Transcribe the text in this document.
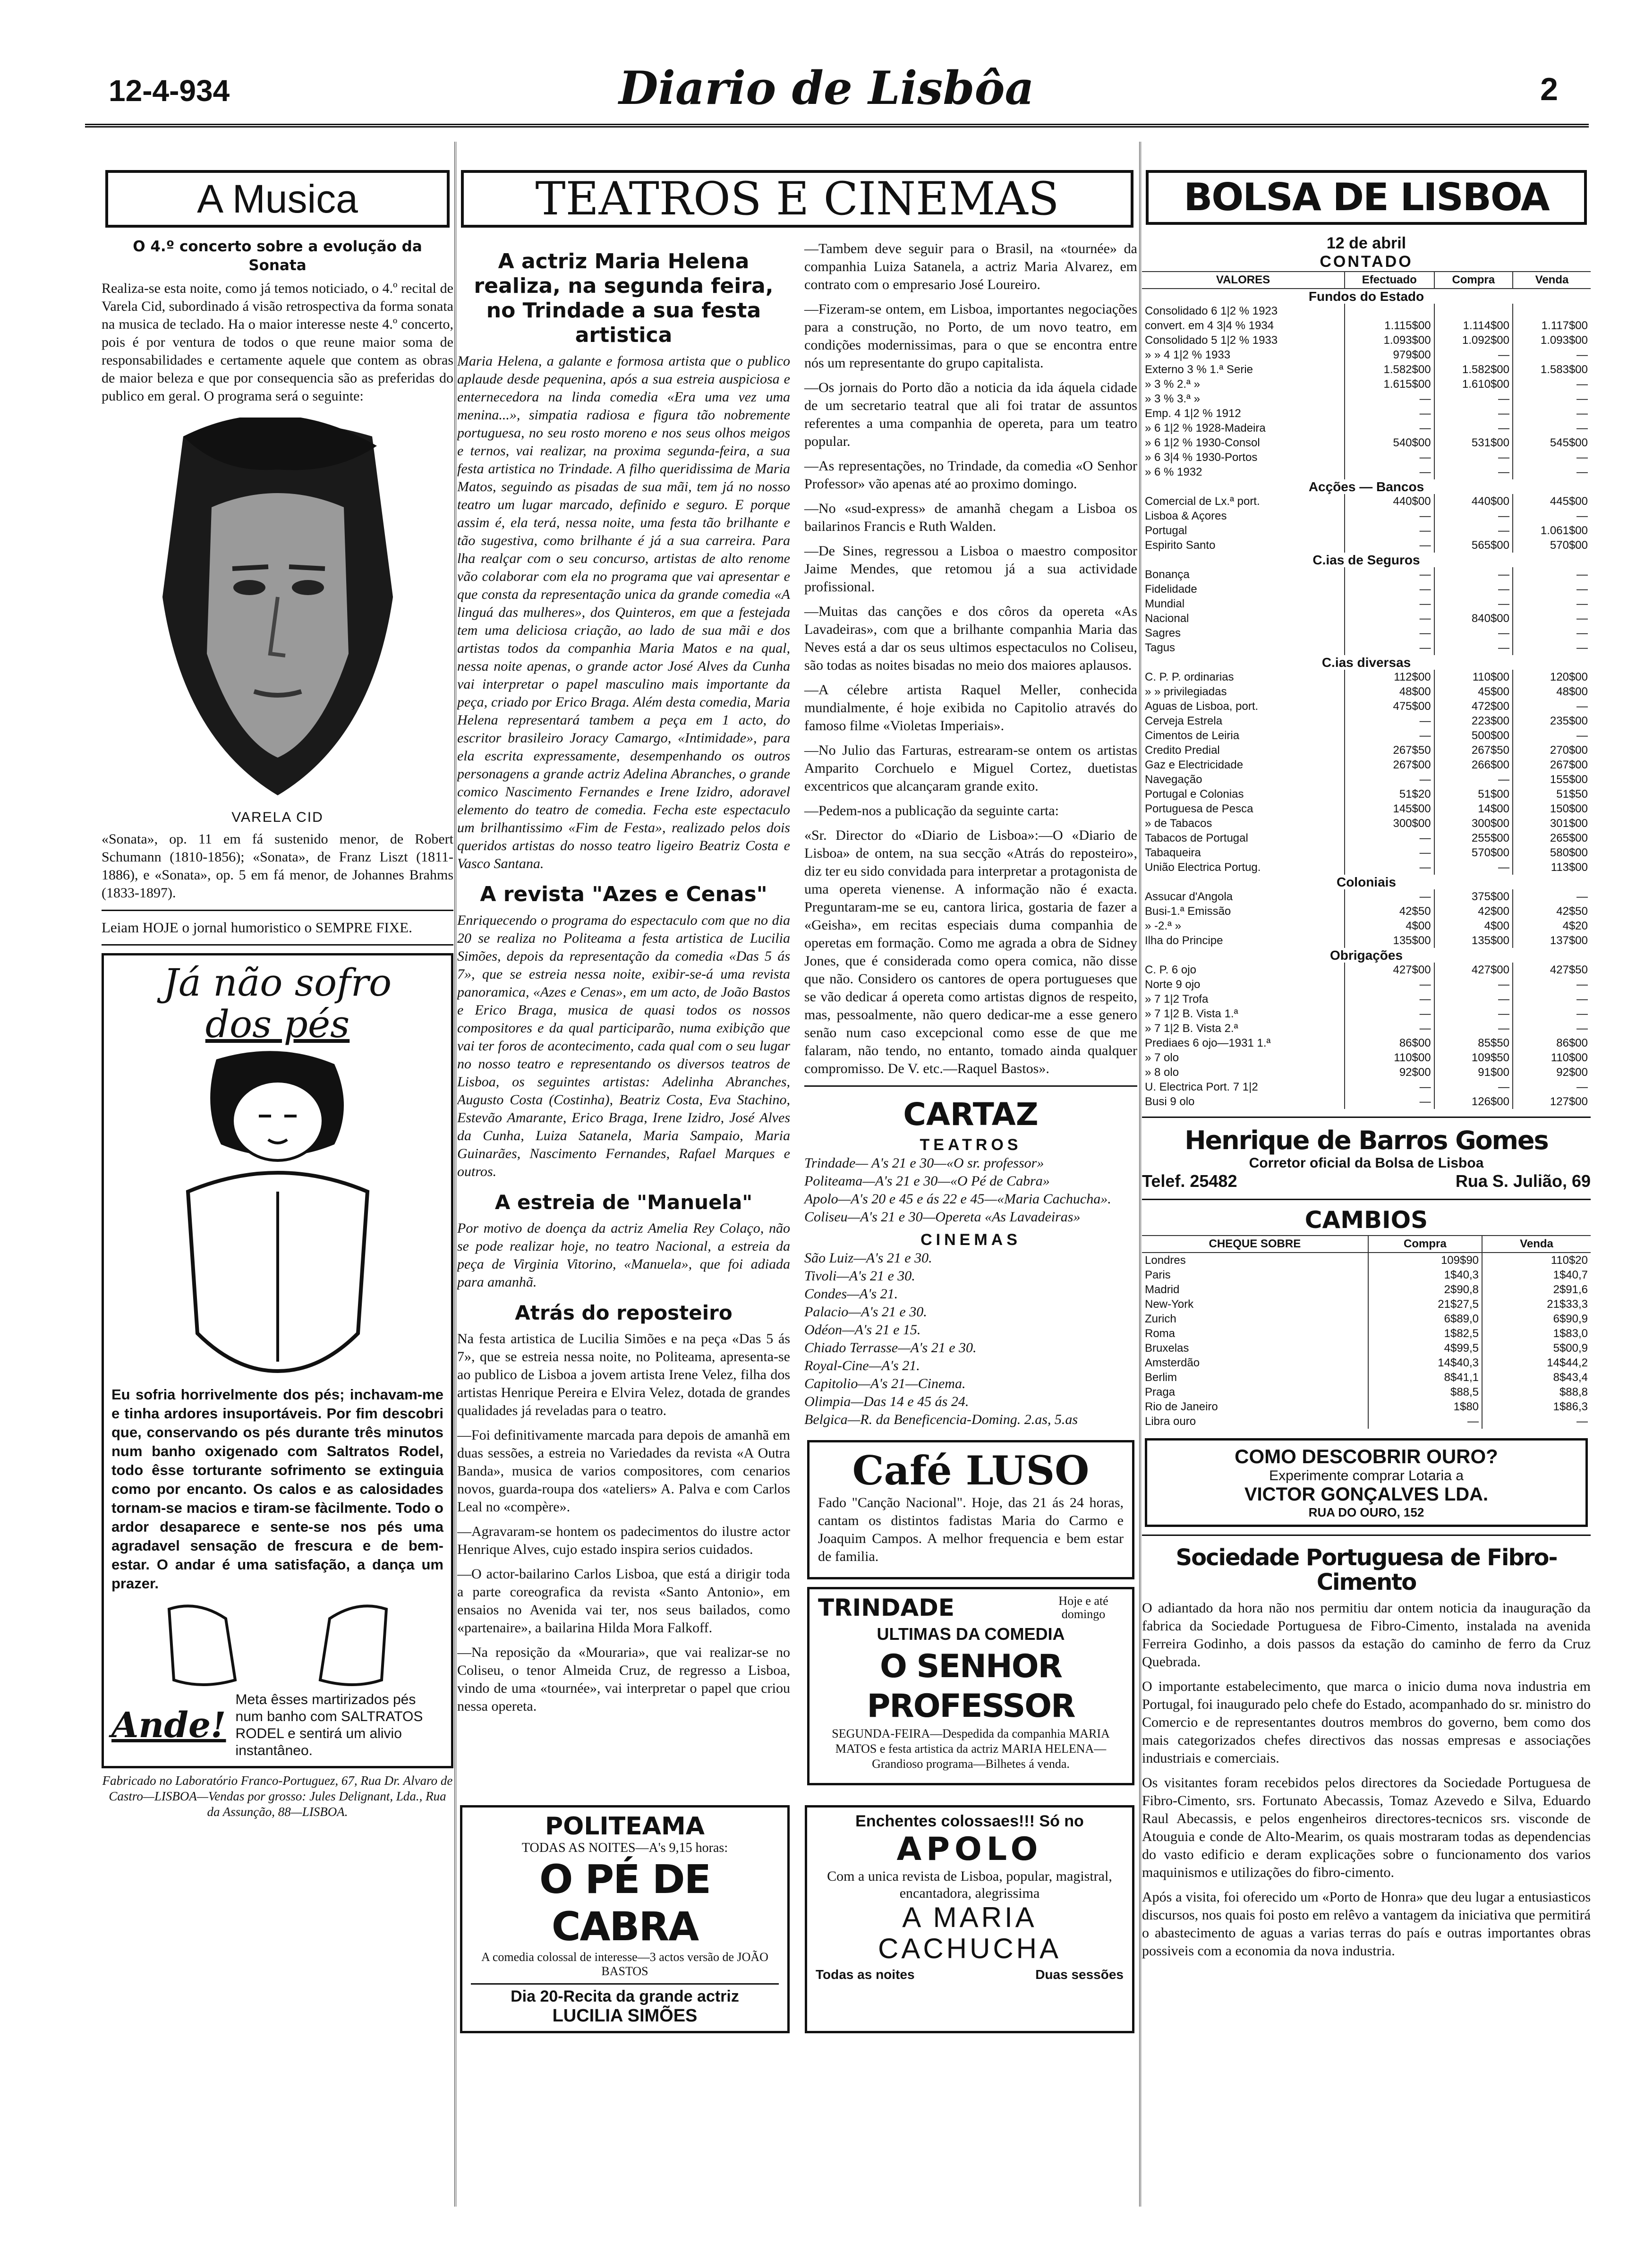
12-4-934	Diario de Lisbôa	2
A Musica
O 4.º concerto sobre a evolução da Sonata

Realiza-se esta noite, como já temos noticiado, o 4.º recital de Varela Cid, subordinado á visão retrospectiva da forma sonata na musica de teclado. Ha o maior interesse neste 4.º concerto, pois é por ventura de todos o que reune maior soma de responsabilidades e certamente aquele que contem as obras de maior beleza e que por consequencia são as preferidas do publico em geral. O programa será o seguinte:

VARELA CID

«Sonata», op. 11 em fá sustenido menor, de Robert Schumann (1810-1856); «Sonata», de Franz Liszt (1811-1886), e «Sonata», op. 5 em fá menor, de Johannes Brahms (1833-1897).

Leiam HOJE o jornal humoristico o SEMPRE FIXE.

Já não sofro
dos pés

Eu sofria horrivelmente dos pés; inchavam-me e tinha ardores insuportáveis. Por fim descobri que, conservando os pés durante três minutos num banho oxigenado com Saltratos Rodel, todo êsse torturante sofrimento se extinguia como por encanto. Os calos e as calosidades tornam-se macios e tiram-se fàcilmente. Todo o ardor desaparece e sente-se nos pés uma agradavel sensação de frescura e de bem-estar. O andar é uma satisfação, a dança um prazer.

Ande!
Meta êsses martirizados pés num banho com SALTRATOS RODEL e sentirá um alivio instantâneo.

Fabricado no Laboratório Franco-Portuguez, 67, Rua Dr. Alvaro de Castro—LISBOA—Vendas por grosso: Jules Delignant, Lda., Rua da Assunção, 88—LISBOA.

TEATROS E CINEMAS
A actriz Maria Helena realiza, na segunda feira, no Trindade a sua festa artistica

Maria Helena, a galante e formosa artista que o publico aplaude desde pequenina, após a sua estreia auspiciosa e enternecedora na linda comedia «Era uma vez uma menina...», simpatia radiosa e figura tão nobremente portuguesa, no seu rosto moreno e nos seus olhos meigos e ternos, vai realizar, na proxima segunda-feira, a sua festa artistica no Trindade. A filho queridissima de Maria Matos, seguindo as pisadas de sua mãi, tem já no nosso teatro um lugar marcado, definido e seguro. E porque assim é, ela terá, nessa noite, uma festa tão brilhante e tão sugestiva, como brilhante é já a sua carreira. Para lha realçar com o seu concurso, artistas de alto renome vão colaborar com ela no programa que vai apresentar e que consta da representação unica da grande comedia «A linguá das mulheres», dos Quinteros, em que a festejada tem uma deliciosa criação, ao lado de sua mãi e dos artistas todos da companhia Maria Matos e na qual, nessa noite apenas, o grande actor José Alves da Cunha vai interpretar o papel masculino mais importante da peça, criado por Erico Braga. Além desta comedia, Maria Helena representará tambem a peça em 1 acto, do escritor brasileiro Joracy Camargo, «Intimidade», para ela escrita expressamente, desempenhando os outros personagens a grande actriz Adelina Abranches, o grande comico Nascimento Fernandes e Irene Izidro, adoravel elemento do teatro de comedia. Fecha este espectaculo um brilhantissimo «Fim de Festa», realizado pelos dois queridos artistas do nosso teatro ligeiro Beatriz Costa e Vasco Santana.

A revista "Azes e Cenas"

Enriquecendo o programa do espectaculo com que no dia 20 se realiza no Politeama a festa artistica de Lucilia Simões, depois da representação da comedia «Das 5 ás 7», que se estreia nessa noite, exibir-se-á uma revista panoramica, «Azes e Cenas», em um acto, de João Bastos e Erico Braga, musica de quasi todos os nossos compositores e da qual participarão, numa exibição que vai ter foros de acontecimento, cada qual com o seu lugar no nosso teatro e representando os diversos teatros de Lisboa, os seguintes artistas: Adelinha Abranches, Augusto Costa (Costinha), Beatriz Costa, Eva Stachino, Estevão Amarante, Erico Braga, Irene Izidro, José Alves da Cunha, Luiza Satanela, Maria Sampaio, Maria Guinarães, Nascimento Fernandes, Rafael Marques e outros.

A estreia de "Manuela"

Por motivo de doença da actriz Amelia Rey Colaço, não se pode realizar hoje, no teatro Nacional, a estreia da peça de Virginia Vitorino, «Manuela», que foi adiada para amanhã.

Atrás do reposteiro

Na festa artistica de Lucilia Simões e na peça «Das 5 ás 7», que se estreia nessa noite, no Politeama, apresenta-se ao publico de Lisboa a jovem artista Irene Velez, filha dos artistas Henrique Pereira e Elvira Velez, dotada de grandes qualidades já reveladas para o teatro.

—Foi definitivamente marcada para depois de amanhã em duas sessões, a estreia no Variedades da revista «A Outra Banda», musica de varios compositores, com cenarios novos, guarda-roupa dos «ateliers» A. Palva e com Carlos Leal no «compère».

—Agravaram-se hontem os padecimentos do ilustre actor Henrique Alves, cujo estado inspira serios cuidados.

—O actor-bailarino Carlos Lisboa, que está a dirigir toda a parte coreografica da revista «Santo Antonio», em ensaios no Avenida vai ter, nos seus bailados, como «partenaire», a bailarina Hilda Mora Falkoff.

—Na reposição da «Mouraria», que vai realizar-se no Coliseu, o tenor Almeida Cruz, de regresso a Lisboa, vindo de uma «tournée», vai interpretar o papel que criou nessa opereta.

—Tambem deve seguir para o Brasil, na «tournée» da companhia Luiza Satanela, a actriz Maria Alvarez, em contrato com o empresario José Loureiro.

—Fizeram-se ontem, em Lisboa, importantes negociações para a construção, no Porto, de um novo teatro, em condições modernissimas, para o que se encontra entre nós um representante do grupo capitalista.

—Os jornais do Porto dão a noticia da ida áquela cidade de um secretario teatral que ali foi tratar de assuntos referentes a uma companhia de opereta, para um teatro popular.

—As representações, no Trindade, da comedia «O Senhor Professor» vão apenas até ao proximo domingo.

—No «sud-express» de amanhã chegam a Lisboa os bailarinos Francis e Ruth Walden.

—De Sines, regressou a Lisboa o maestro compositor Jaime Mendes, que retomou já a sua actividade profissional.

—Muitas das canções e dos côros da opereta «As Lavadeiras», com que a brilhante companhia Maria das Neves está a dar os seus ultimos espectaculos no Coliseu, são todas as noites bisadas no meio dos maiores aplausos.

—A célebre artista Raquel Meller, conhecida mundialmente, é hoje exibida no Capitolio através do famoso filme «Violetas Imperiais».

—No Julio das Farturas, estrearam-se ontem os artistas Amparito Corchuelo e Miguel Cortez, duetistas excentricos que alcançaram grande exito.

—Pedem-nos a publicação da seguinte carta:

«Sr. Director do «Diario de Lisboa»:—O «Diario de Lisboa» de ontem, na sua secção «Atrás do reposteiro», diz ter eu sido convidada para interpretar a protagonista de uma opereta vienense. A informação não é exacta. Preguntaram-me se eu, cantora lirica, gostaria de fazer a «Geisha», em recitas especiais duma companhia de operetas em formação. Como me agrada a obra de Sidney Jones, que é considerada como opera comica, não disse que não. Considero os cantores de opera portugueses que se vão dedicar á opereta como artistas dignos de respeito, mas, pessoalmente, não quero dedicar-me a esse genero senão num caso excepcional como esse de que me falaram, não tendo, no entanto, tomado ainda qualquer compromisso. De V. etc.—Raquel Bastos».

CARTAZ
TEATROS

Trindade— A's 21 e 30—«O sr. professor»

Politeama—A's 21 e 30—«O Pé de Cabra»

Apolo—A's 20 e 45 e ás 22 e 45—«Maria Cachucha».

Coliseu—A's 21 e 30—Opereta «As Lavadeiras»

CINEMAS

São Luiz—A's 21 e 30.

Tivoli—A's 21 e 30.

Condes—A's 21.

Palacio—A's 21 e 30.

Odéon—A's 21 e 15.

Chiado Terrasse—A's 21 e 30.

Royal-Cine—A's 21.

Capitolio—A's 21—Cinema.

Olimpia—Das 14 e 45 ás 24.

Belgica—R. da Beneficencia-Doming. 2.as, 5.as

Café LUSO

Fado "Canção Nacional". Hoje, das 21 ás 24 horas, cantam os distintos fadistas Maria do Carmo e Joaquim Campos. A melhor frequencia e bem estar de familia.

TRINDADE	Hoje e até domingo
ULTIMAS DA COMEDIA
O SENHOR PROFESSOR

SEGUNDA-FEIRA—Despedida da companhia MARIA MATOS e festa artistica da actriz MARIA HELENA—Grandioso programa—Bilhetes á venda.

POLITEAMA
TODAS AS NOITES—A's 9,15 horas:
O PÉ DE CABRA
A comedia colossal de interesse—3 actos versão de JOÃO BASTOS
Dia 20-Recita da grande actriz
LUCILIA SIMÕES
Enchentes colossaes!!! Só no
APOLO
Com a unica revista de Lisboa, popular, magistral, encantadora, alegrissima
A MARIA CACHUCHA
Todas as noites	Duas sessões
BOLSA DE LISBOA
12 de abril
CONTADO
VALORES	Efectuado	Compra	Venda
Fundos do Estado			
Consolidado 6 1|2 % 1923			
convert. em 4 3|4 % 1934	1.115$00	1.114$00	1.117$00
Consolidado 5 1|2 % 1933	1.093$00	1.092$00	1.093$00
» » 4 1|2 % 1933	979$00	—	—
Externo 3 % 1.ª Serie	1.582$00	1.582$00	1.583$00
» 3 % 2.ª »	1.615$00	1.610$00	—
» 3 % 3.ª »	—	—	—
Emp. 4 1|2 % 1912	—	—	—
» 6 1|2 % 1928-Madeira	—	—	—
» 6 1|2 % 1930-Consol	540$00	531$00	545$00
» 6 3|4 % 1930-Portos	—	—	—
» 6 % 1932	—	—	—
Acções — Bancos			
Comercial de Lx.ª port.	440$00	440$00	445$00
Lisboa & Açores	—	—	—
Portugal	—	—	1.061$00
Espirito Santo	—	565$00	570$00
C.ias de Seguros			
Bonança	—	—	—
Fidelidade	—	—	—
Mundial	—	—	—
Nacional	—	840$00	—
Sagres	—	—	—
Tagus	—	—	—
C.ias diversas			
C. P. P. ordinarias	112$00	110$00	120$00
» » privilegiadas	48$00	45$00	48$00
Aguas de Lisboa, port.	475$00	472$00	—
Cerveja Estrela	—	223$00	235$00
Cimentos de Leiria	—	500$00	—
Credito Predial	267$50	267$50	270$00
Gaz e Electricidade	267$00	266$00	267$00
Navegação	—	—	155$00
Portugal e Colonias	51$20	51$00	51$50
Portuguesa de Pesca	145$00	14$00	150$00
» de Tabacos	300$00	300$00	301$00
Tabacos de Portugal	—	255$00	265$00
Tabaqueira	—	570$00	580$00
União Electrica Portug.	—	—	113$00
Coloniais			
Assucar d'Angola	—	375$00	—
Busi-1.ª Emissão	42$50	42$00	42$50
» -2.ª »	4$00	4$00	4$20
Ilha do Principe	135$00	135$00	137$00
Obrigações			
C. P. 6 ojo	427$00	427$00	427$50
Norte 9 ojo	—	—	—
» 7 1|2 Trofa	—	—	—
» 7 1|2 B. Vista 1.ª	—	—	—
» 7 1|2 B. Vista 2.ª	—	—	—
Prediaes 6 ojo—1931 1.ª	86$00	85$50	86$00
» 7 olo	110$00	109$50	110$00
» 8 olo	92$00	91$00	92$00
U. Electrica Port. 7 1|2	—	—	—
Busi 9 olo	—	126$00	127$00
Henrique de Barros Gomes
Corretor oficial da Bolsa de Lisboa
Telef. 25482	Rua S. Julião, 69
CAMBIOS
CHEQUE SOBRE	Compra	Venda
Londres	109$90	110$20
Paris	1$40,3	1$40,7
Madrid	2$90,8	2$91,6
New-York	21$27,5	21$33,3
Zurich	6$89,0	6$90,9
Roma	1$82,5	1$83,0
Bruxelas	4$99,5	5$00,9
Amsterdão	14$40,3	14$44,2
Berlim	8$41,1	8$43,4
Praga	$88,5	$88,8
Rio de Janeiro	1$80	1$86,3
Libra ouro	—	—
COMO DESCOBRIR OURO?
Experimente comprar Lotaria a
VICTOR GONÇALVES LDA.
RUA DO OURO, 152
Sociedade Portuguesa de Fibro-Cimento

O adiantado da hora não nos permitiu dar ontem noticia da inauguração da fabrica da Sociedade Portuguesa de Fibro-Cimento, instalada na avenida Ferreira Godinho, a dois passos da estação do caminho de ferro da Cruz Quebrada.

O importante estabelecimento, que marca o inicio duma nova industria em Portugal, foi inaugurado pelo chefe do Estado, acompanhado do sr. ministro do Comercio e de representantes doutros membros do governo, bem como dos mais categorizados chefes directivos das nossas empresas e associações industriais e comerciais.

Os visitantes foram recebidos pelos directores da Sociedade Portuguesa de Fibro-Cimento, srs. Fortunato Abecassis, Tomaz Azevedo e Silva, Eduardo Raul Abecassis, e pelos engenheiros directores-tecnicos srs. visconde de Atouguia e conde de Alto-Mearim, os quais mostraram todas as dependencias do vasto edificio e deram explicações sobre o funcionamento dos varios maquinismos e utilizações do fibro-cimento.

Após a visita, foi oferecido um «Porto de Honra» que deu lugar a entusiasticos discursos, nos quais foi posto em relêvo a vantagem da iniciativa que permitirá o abastecimento de aguas a varias terras do país e outras importantes obras possiveis com a economia da nova industria.
